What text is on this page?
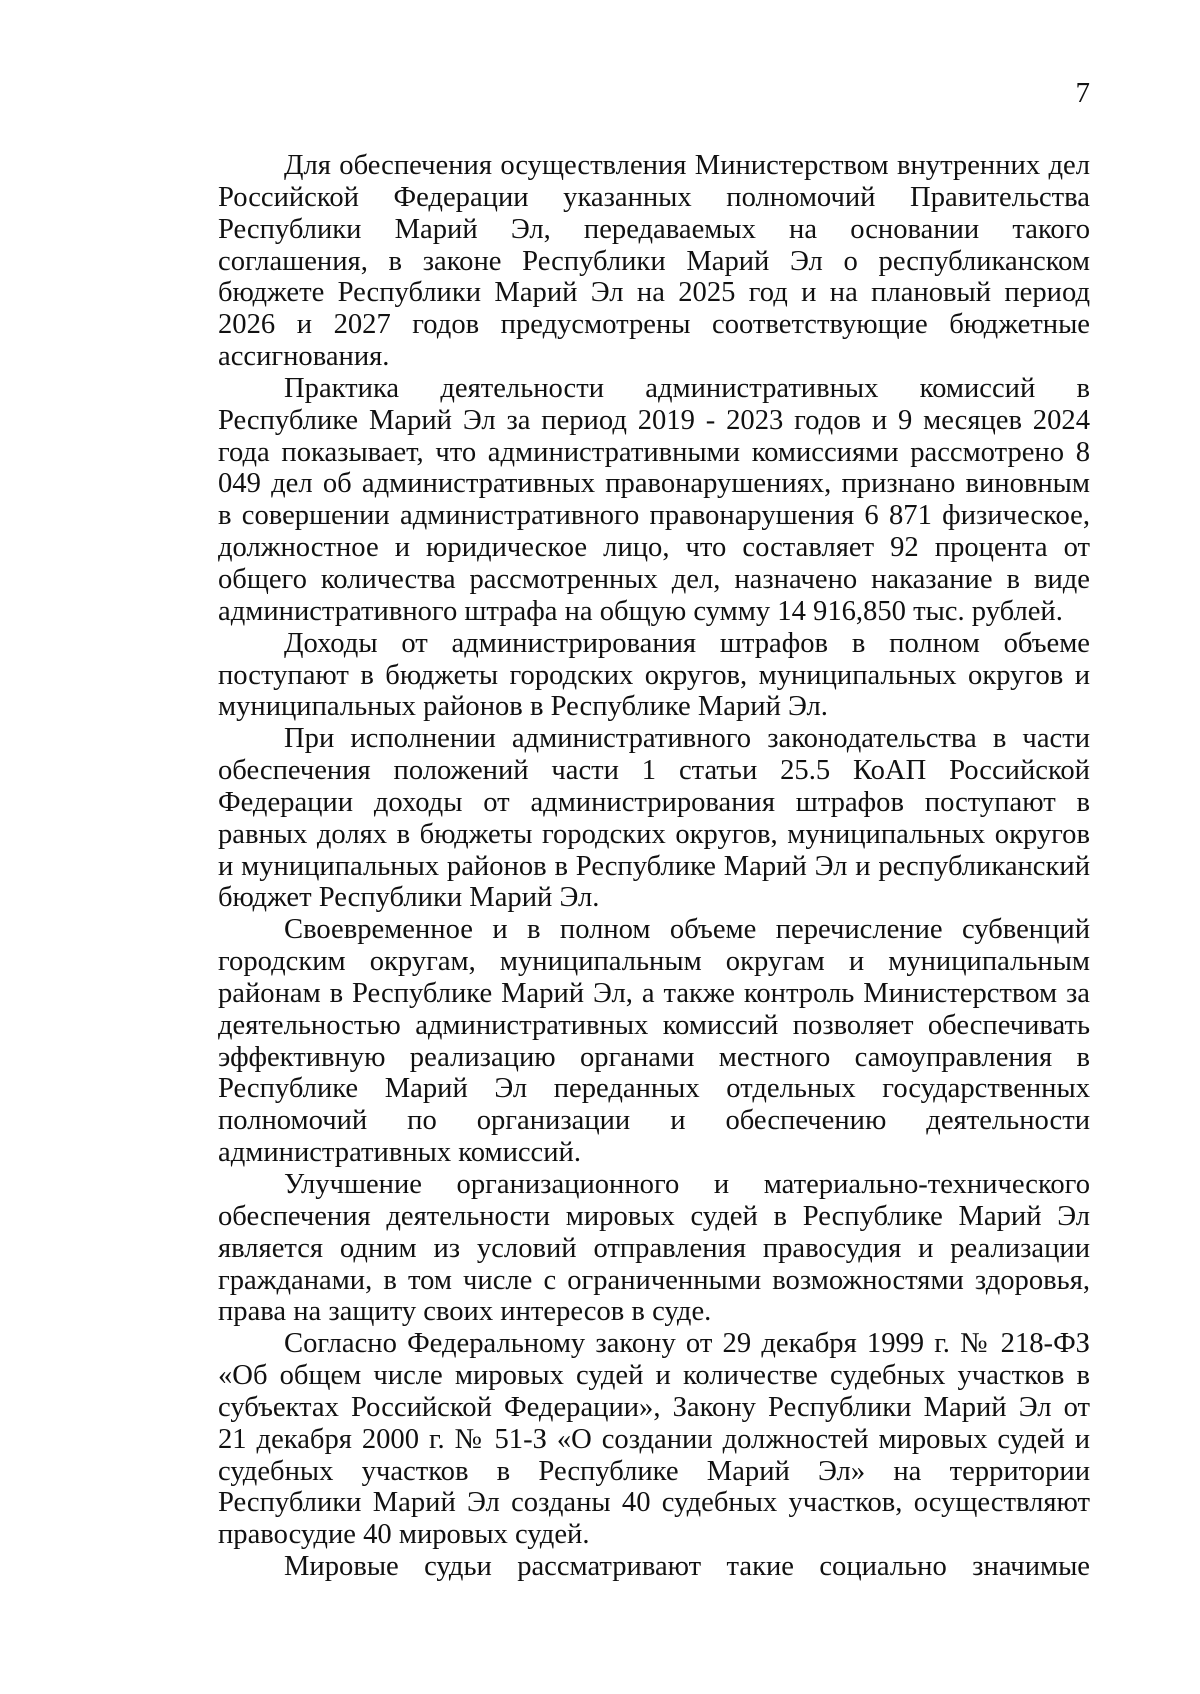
7

Для обеспечения осуществления Министерством внутренних дел Российской Федерации указанных полномочий Правительства Республики Марий Эл, передаваемых на основании такого соглашения, в законе Республики Марий Эл о республиканском бюджете Республики Марий Эл на 2025 год и на плановый период 2026 и 2027 годов предусмотрены соответствующие бюджетные ассигнования.

Практика деятельности административных комиссий в Республике Марий Эл за период 2019 - 2023 годов и 9 месяцев 2024 года показывает, что административными комиссиями рассмотрено 8 049 дел об административных правонарушениях, признано виновным в совершении административного правонарушения 6 871 физическое, должностное и юридическое лицо, что составляет 92 процента от общего количества рассмотренных дел, назначено наказание в виде административного штрафа на общую сумму 14 916,850 тыс. рублей.

Доходы от администрирования штрафов в полном объеме поступают в бюджеты городских округов, муниципальных округов и муниципальных районов в Республике Марий Эл.

При исполнении административного законодательства в части обеспечения положений части 1 статьи 25.5 КоАП Российской Федерации доходы от администрирования штрафов поступают в равных долях в бюджеты городских округов, муниципальных округов и муниципальных районов в Республике Марий Эл и республиканский бюджет Республики Марий Эл.

Своевременное и в полном объеме перечисление субвенций городским округам, муниципальным округам и муниципальным районам в Республике Марий Эл, а также контроль Министерством за деятельностью административных комиссий позволяет обеспечивать эффективную реализацию органами местного самоуправления в Республике Марий Эл переданных отдельных государственных полномочий по организации и обеспечению деятельности административных комиссий.

Улучшение организационного и материально-технического обеспечения деятельности мировых судей в Республике Марий Эл является одним из условий отправления правосудия и реализации гражданами, в том числе с ограниченными возможностями здоровья, права на защиту своих интересов в суде.

Согласно Федеральному закону от 29 декабря 1999 г. № 218-ФЗ «Об общем числе мировых судей и количестве судебных участков в субъектах Российской Федерации», Закону Республики Марий Эл от 21 декабря 2000 г. № 51-З «О создании должностей мировых судей и судебных участков в Республике Марий Эл» на территории Республики Марий Эл созданы 40 судебных участков, осуществляют правосудие 40 мировых судей.

Мировые судьи рассматривают такие социально значимые
